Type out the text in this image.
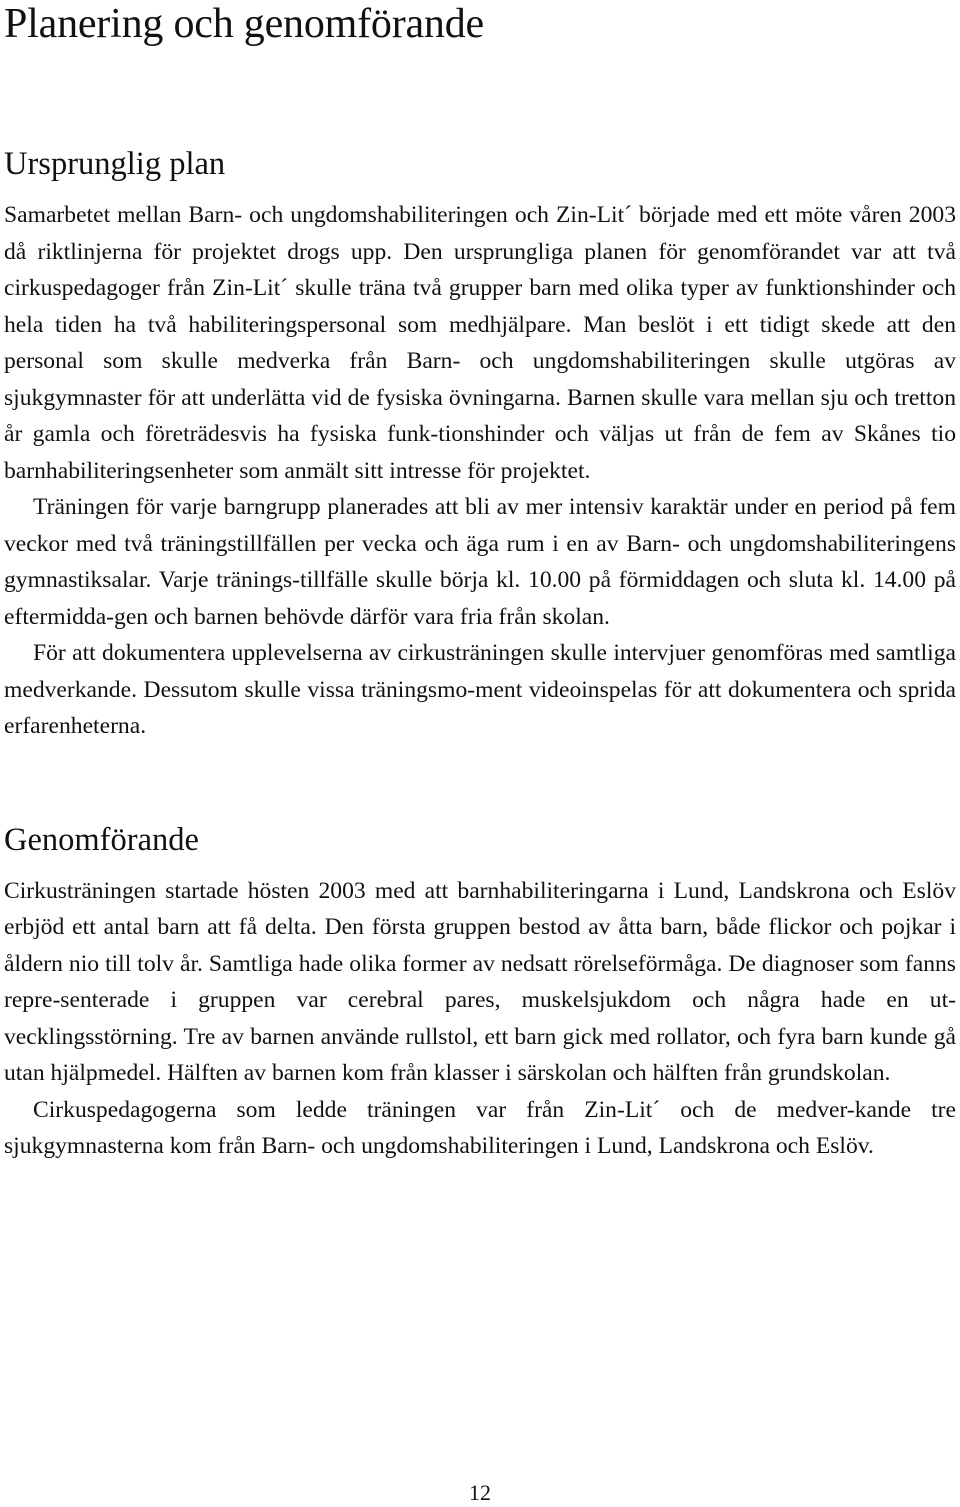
Planering och genomförande
Ursprunglig plan

Samarbetet mellan Barn- och ungdomshabiliteringen och Zin-Lit´ började med ett möte våren 2003 då riktlinjerna för projektet drogs upp. Den ursprungliga planen för genomförandet var att två cirkuspedagoger från Zin-Lit´ skulle träna två grupper barn med olika typer av funktionshinder och hela tiden ha två habiliteringspersonal som medhjälpare. Man beslöt i ett tidigt skede att den personal som skulle medverka från Barn- och ungdomshabiliteringen skulle utgöras av sjukgymnaster för att underlätta vid de fysiska övningarna. Barnen skulle vara mellan sju och tretton år gamla och företrädesvis ha fysiska funk-tionshinder och väljas ut från de fem av Skånes tio barnhabiliteringsenheter som anmält sitt intresse för projektet.

Träningen för varje barngrupp planerades att bli av mer intensiv karaktär under en period på fem veckor med två träningstillfällen per vecka och äga rum i en av Barn- och ungdomshabiliteringens gymnastiksalar. Varje tränings-tillfälle skulle börja kl. 10.00 på förmiddagen och sluta kl. 14.00 på eftermidda-gen och barnen behövde därför vara fria från skolan.

För att dokumentera upplevelserna av cirkusträningen skulle intervjuer genomföras med samtliga medverkande. Dessutom skulle vissa träningsmo-ment videoinspelas för att dokumentera och sprida erfarenheterna.

Genomförande

Cirkusträningen startade hösten 2003 med att barnhabiliteringarna i Lund, Landskrona och Eslöv erbjöd ett antal barn att få delta. Den första gruppen bestod av åtta barn, både flickor och pojkar i åldern nio till tolv år. Samtliga hade olika former av nedsatt rörelseförmåga. De diagnoser som fanns repre-senterade i gruppen var cerebral pares, muskelsjukdom och några hade en ut-vecklingsstörning. Tre av barnen använde rullstol, ett barn gick med rollator, och fyra barn kunde gå utan hjälpmedel. Hälften av barnen kom från klasser i särskolan och hälften från grundskolan.

Cirkuspedagogerna som ledde träningen var från Zin-Lit´ och de medver-kande tre sjukgymnasterna kom från Barn- och ungdomshabiliteringen i Lund, Landskrona och Eslöv.

12
